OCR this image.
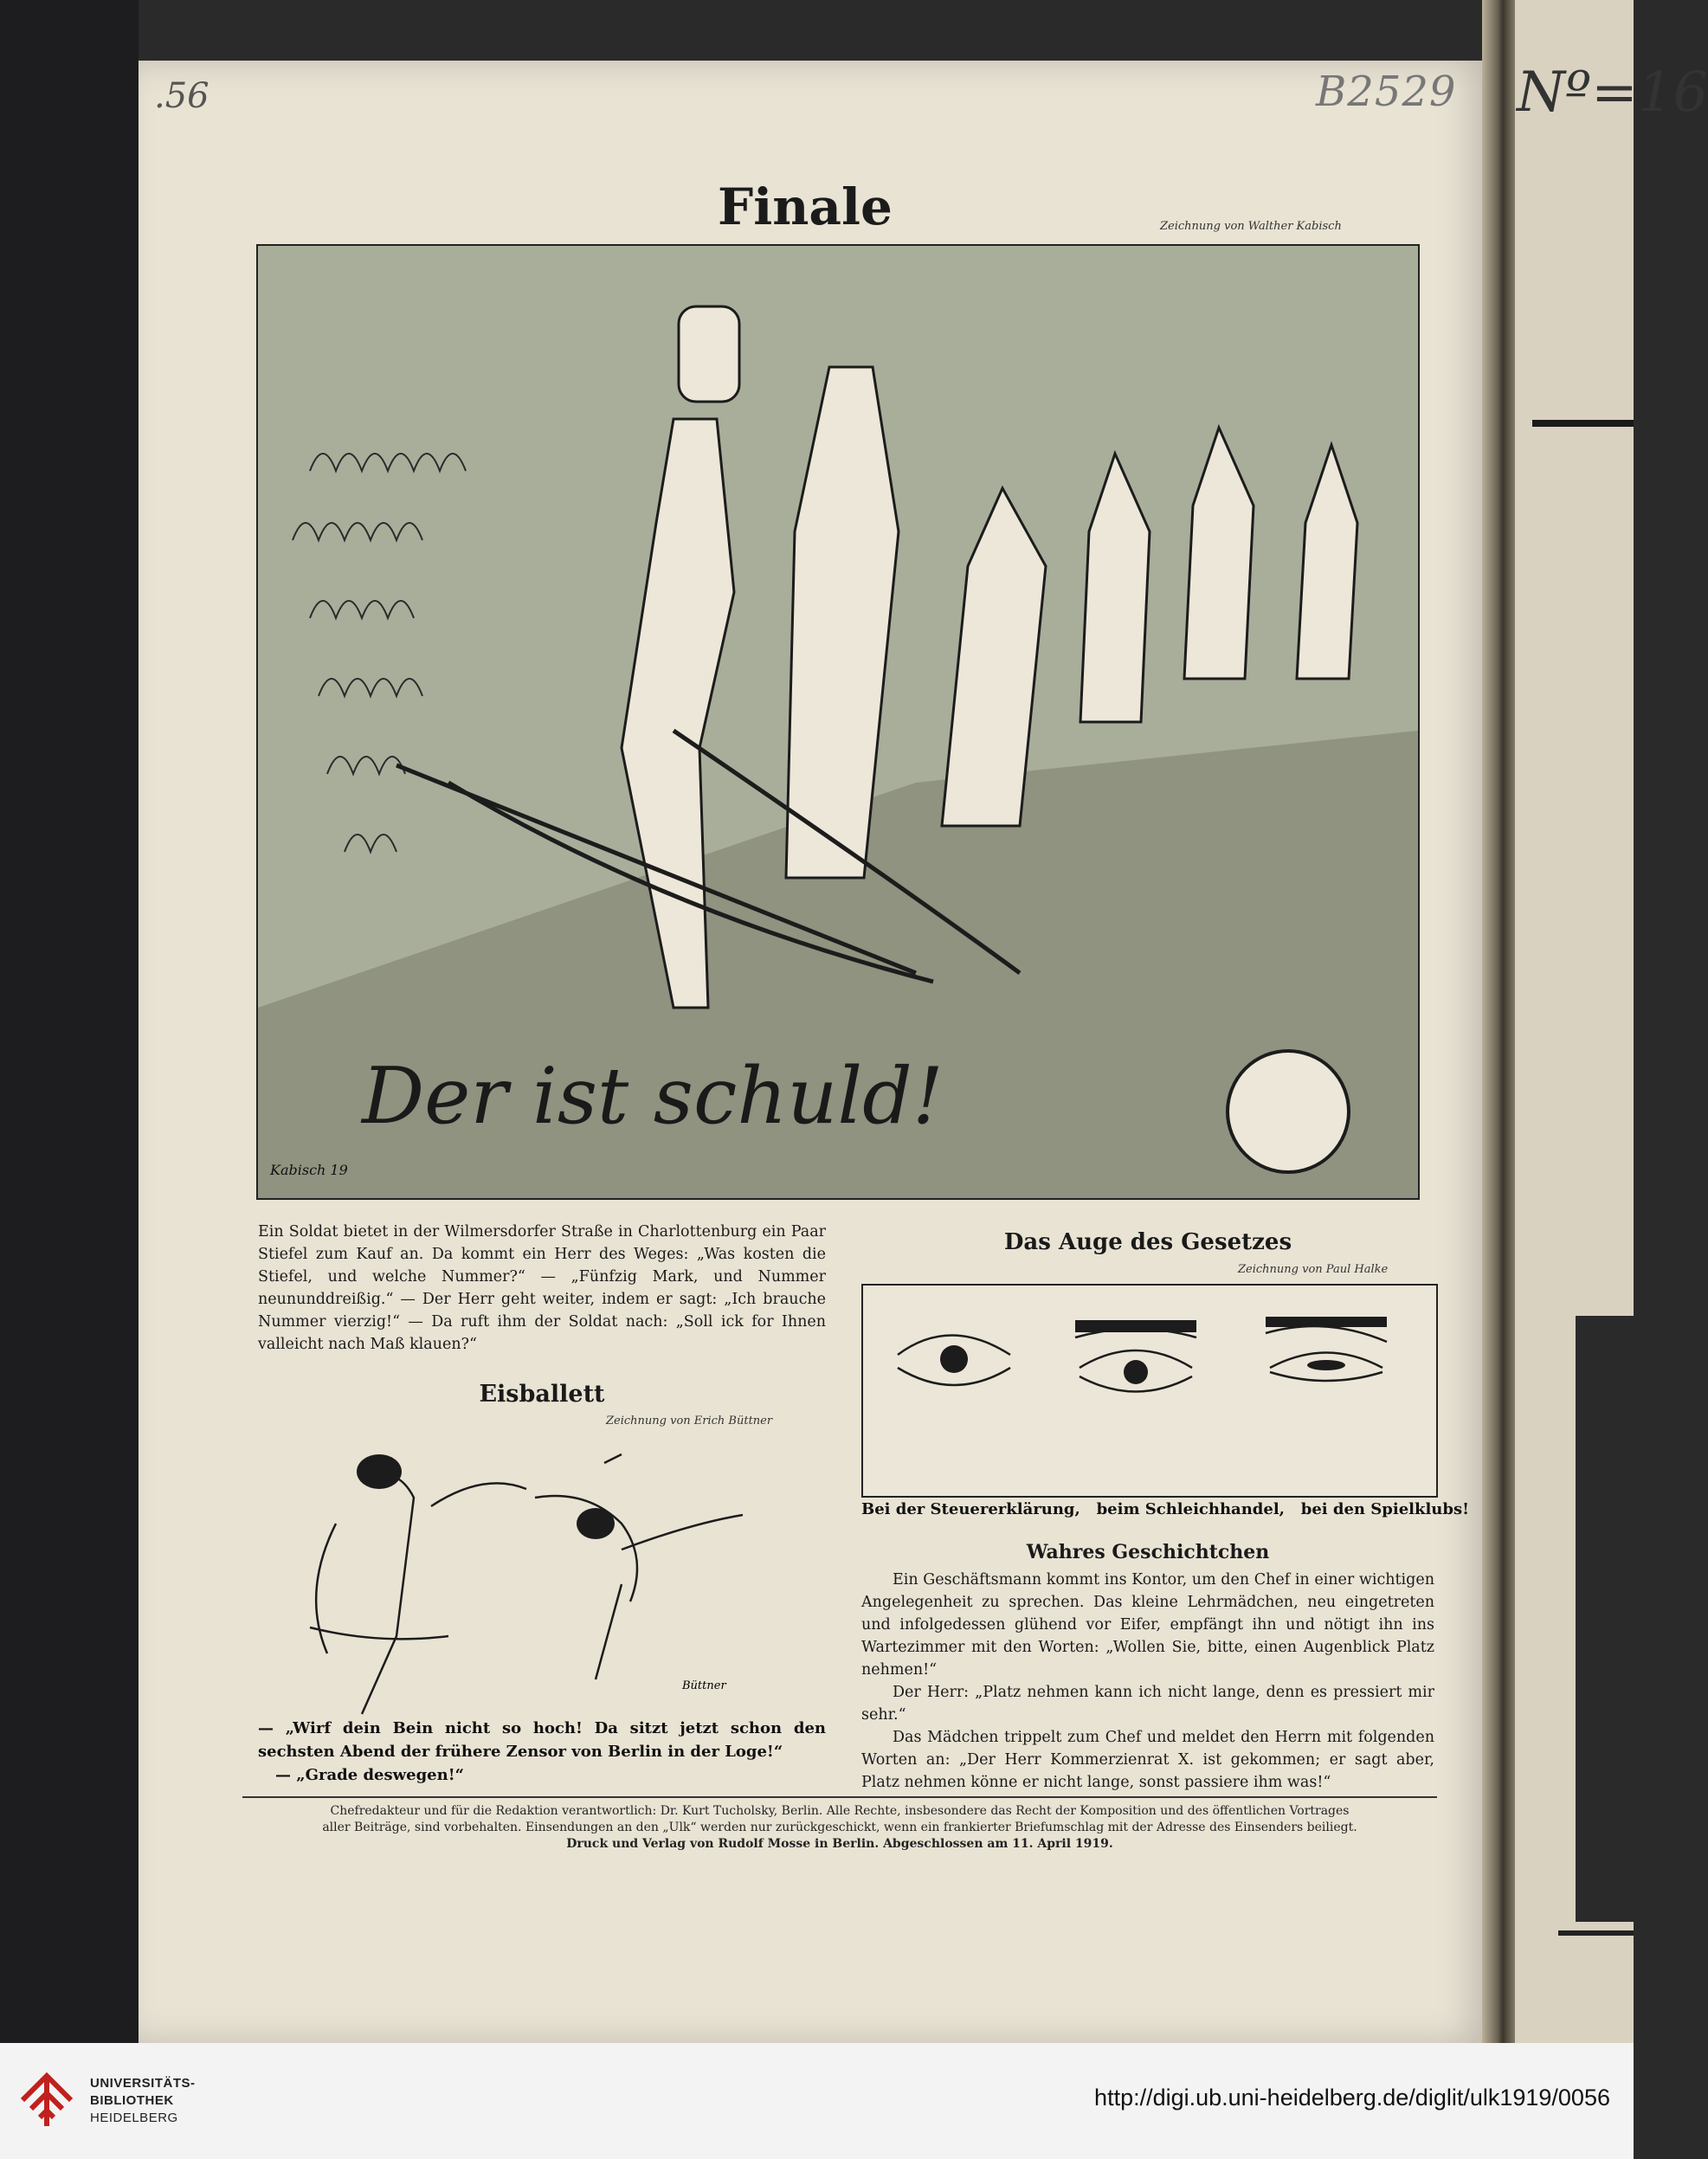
.56	B2529 Nº=16
Finale	Zeichnung von Walther Kabisch
Der ist schuld!
Kabisch 19
Ein Soldat bietet in der Wilmersdorfer Straße in Charlottenburg ein Paar Stiefel zum Kauf an. Da kommt ein Herr des Weges: „Was kosten die Stiefel, und welche Nummer?“ — „Fünfzig Mark, und Nummer neununddreißig.“ — Der Herr geht weiter, indem er sagt: „Ich brauche Nummer vierzig!“ — Da ruft ihm der Soldat nach: „Soll ick for Ihnen valleicht nach Maß klauen?“
Eisballett
Zeichnung von Erich Büttner
Büttner
— „Wirf dein Bein nicht so hoch! Da sitzt jetzt schon den sechsten Abend der frühere Zensor von Berlin in der Loge!“
— „Grade deswegen!“
Das Auge des Gesetzes
Zeichnung von Paul Halke
Bei der Steuererklärung,   beim Schleichhandel,   bei den Spielklubs!
Wahres Geschichtchen
Ein Geschäftsmann kommt ins Kontor, um den Chef in einer wichtigen Angelegenheit zu sprechen. Das kleine Lehrmädchen, neu eingetreten und infolgedessen glühend vor Eifer, empfängt ihn und nötigt ihn ins Wartezimmer mit den Worten: „Wollen Sie, bitte, einen Augenblick Platz nehmen!“
Der Herr: „Platz nehmen kann ich nicht lange, denn es pressiert mir sehr.“
Das Mädchen trippelt zum Chef und meldet den Herrn mit folgenden Worten an: „Der Herr Kommerzienrat X. ist gekommen; er sagt aber, Platz nehmen könne er nicht lange, sonst passiere ihm was!“
Chefredakteur und für die Redaktion verantwortlich: Dr. Kurt Tucholsky, Berlin. Alle Rechte, insbesondere das Recht der Komposition und des öffentlichen Vortrages
aller Beiträge, sind vorbehalten. Einsendungen an den „Ulk“ werden nur zurückgeschickt, wenn ein frankierter Briefumschlag mit der Adresse des Einsenders beiliegt.
Druck und Verlag von Rudolf Mosse in Berlin. Abgeschlossen am 11. April 1919.
UNIVERSITÄTS-
BIBLIOTHEK
HEIDELBERG
http://digi.ub.uni-heidelberg.de/diglit/ulk1919/0056
